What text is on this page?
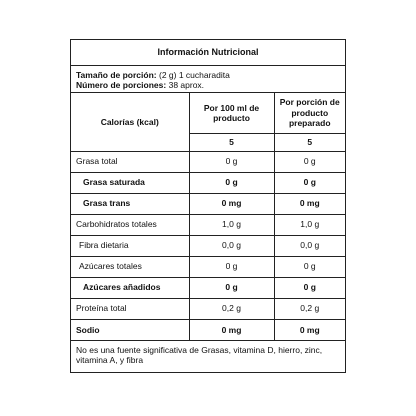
Información Nutricional
Tamaño de porción: (2 g) 1 cucharadita
Número de porciones: 38 aprox.
Calorías (kcal)	Por 100 ml de producto	Por porción de producto preparado
	5	5
Grasa total	0 g	0 g
Grasa saturada	0 g	0 g
Grasa trans	0 mg	0 mg
Carbohidratos totales	1,0 g	1,0 g
Fibra dietaria	0,0 g	0,0 g
Azúcares totales	0 g	0 g
Azúcares añadidos	0 g	0 g
Proteína total	0,2 g	0,2 g
Sodio	0 mg	0 mg
No es una fuente significativa de Grasas, vitamina D, hierro, zinc, vitamina A, y fibra
